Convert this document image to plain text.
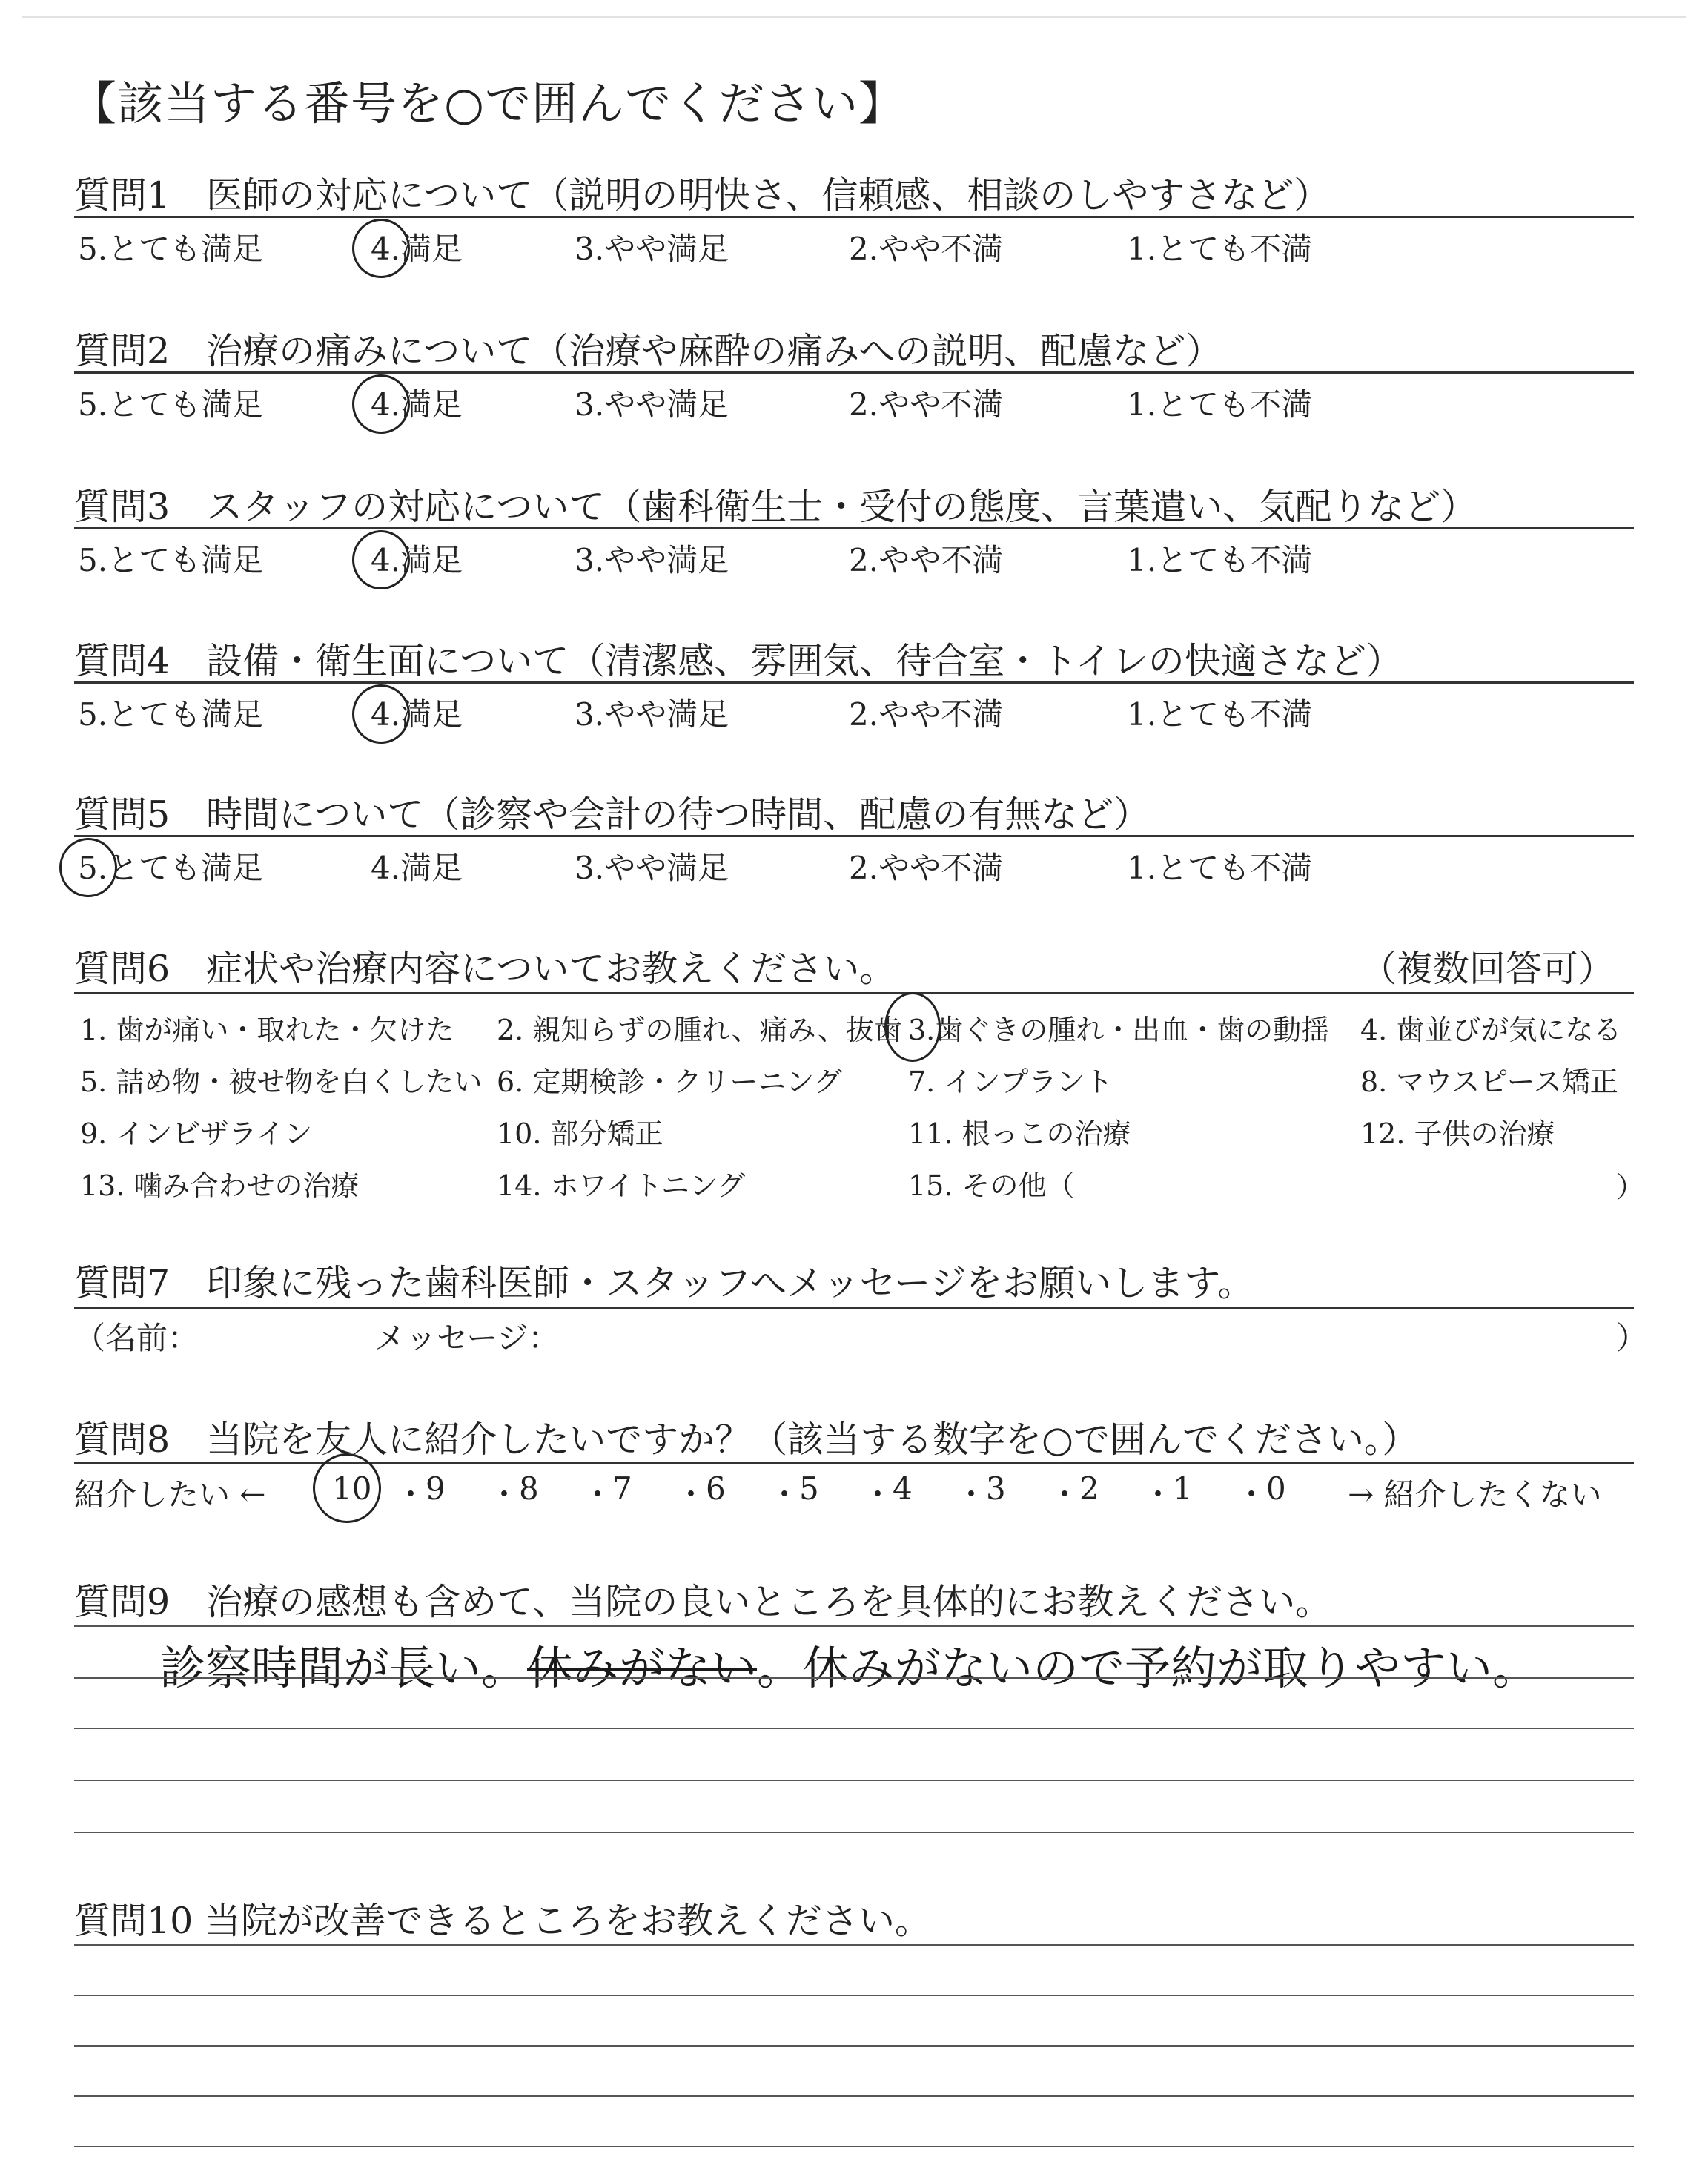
【該当する番号を○で囲んでください】
質問1　医師の対応について（説明の明快さ、信頼感、相談のしやすさなど）
5.とても満足	4.満足	3.やや満足	2.やや不満	1.とても不満
質問2　治療の痛みについて（治療や麻酔の痛みへの説明、配慮など）
5.とても満足	4.満足	3.やや満足	2.やや不満	1.とても不満
質問3　スタッフの対応について（歯科衛生士・受付の態度、言葉遣い、気配りなど）
5.とても満足	4.満足	3.やや満足	2.やや不満	1.とても不満
質問4　設備・衛生面について（清潔感、雰囲気、待合室・トイレの快適さなど）
5.とても満足	4.満足	3.やや満足	2.やや不満	1.とても不満
質問5　時間について（診察や会計の待つ時間、配慮の有無など）
5.とても満足	4.満足	3.やや満足	2.やや不満	1.とても不満
質問6　症状や治療内容についてお教えください。	（複数回答可）
1. 歯が痛い・取れた・欠けた 2. 親知らずの腫れ、痛み、抜歯 3.歯ぐきの腫れ・出血・歯の動揺 4. 歯並びが気になる
5. 詰め物・被せ物を白くしたい 6. 定期検診・クリーニング 7. インプラント	8. マウスピース矯正
9. インビザライン	10. 部分矯正	11. 根っこの治療	12. 子供の治療
13. 噛み合わせの治療	14. ホワイトニング	15. その他（	）
質問7　印象に残った歯科医師・スタッフへメッセージをお願いします。
（名前：	メッセージ：	）
質問8　当院を友人に紹介したいですか？（該当する数字を○で囲んでください。）
紹介したい ← 10 ・
9 ・
8 ・
7 ・
6 ・
5 ・
4 ・
3 ・
2 ・
1 ・
0 → 紹介したくない
質問9　治療の感想も含めて、当院の良いところを具体的にお教えください。
診察時間が長い。休みがない。休みがないので予約が取りやすい。
質問10 当院が改善できるところをお教えください。
